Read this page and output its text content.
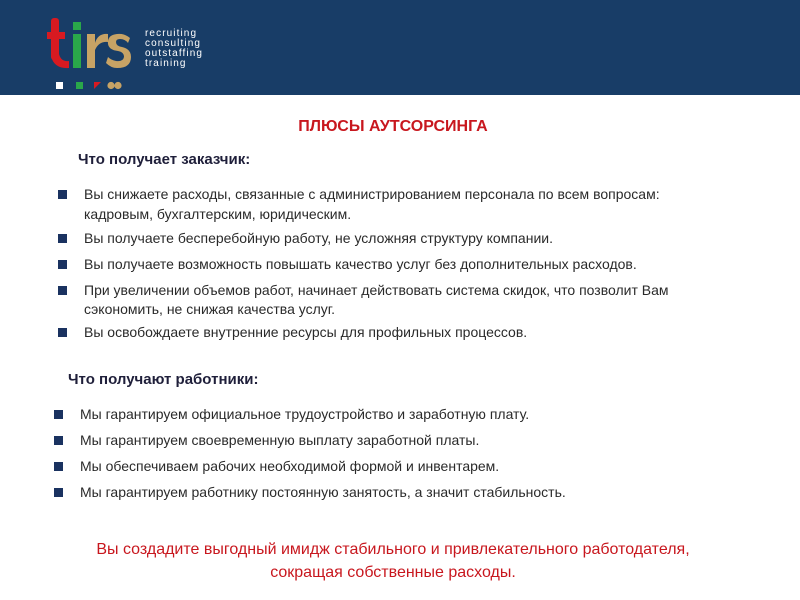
recruiting
consulting
outstaffing
training
ПЛЮСЫ АУТСОРСИНГА
Что получает заказчик:
Вы снижаете расходы, связанные с администрированием персонала по всем вопросам:
кадровым, бухгалтерским, юридическим.
Вы получаете бесперебойную работу, не усложняя структуру компании.
Вы получаете возможность повышать качество услуг без дополнительных расходов.
При увеличении объемов работ, начинает действовать система скидок, что позволит Вам
сэкономить, не снижая качества услуг.
Вы освобождаете внутренние ресурсы для профильных процессов.
Что получают работники:
Мы гарантируем официальное трудоустройство и заработную плату.
Мы гарантируем своевременную выплату заработной платы.
Мы обеспечиваем рабочих необходимой формой и инвентарем.
Мы гарантируем работнику постоянную занятость, а значит стабильность.
Вы создадите выгодный имидж стабильного и привлекательного работодателя,
сокращая собственные расходы.
